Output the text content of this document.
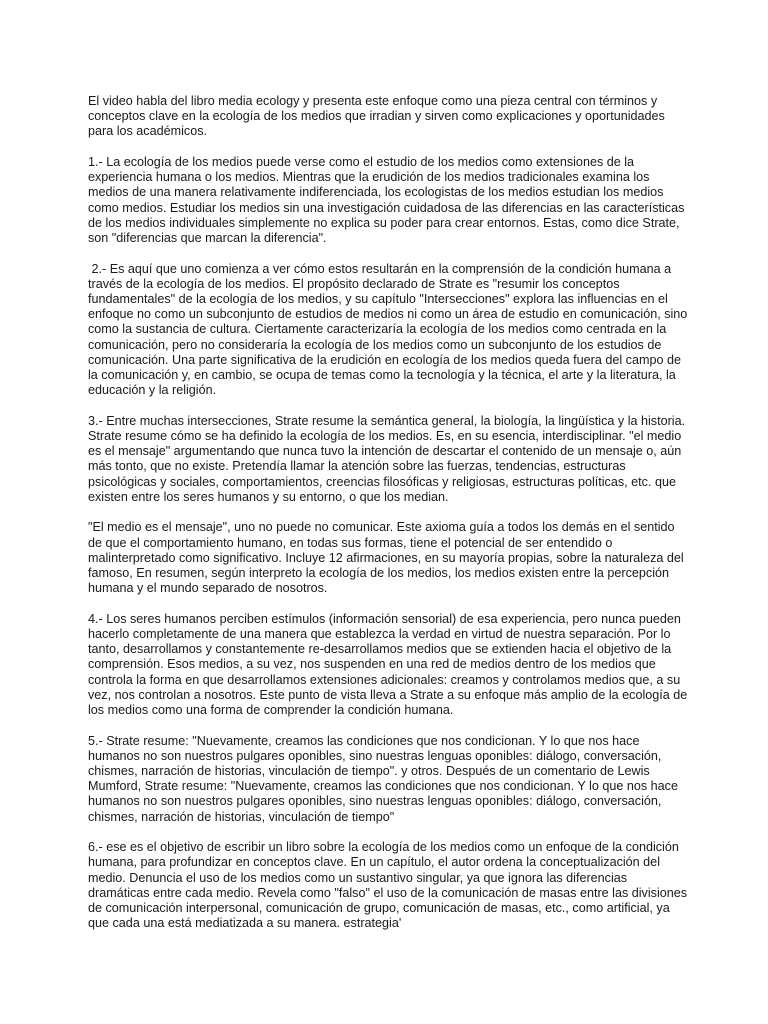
El video habla del libro media ecology y presenta este enfoque como una pieza central con términos y conceptos clave en la ecología de los medios que irradian y sirven como explicaciones y oportunidades para los académicos.

1.- La ecología de los medios puede verse como el estudio de los medios como extensiones de la experiencia humana o los medios. Mientras que la erudición de los medios tradicionales examina los medios de una manera relativamente indiferenciada, los ecologistas de los medios estudian los medios como medios. Estudiar los medios sin una investigación cuidadosa de las diferencias en las características de los medios individuales simplemente no explica su poder para crear entornos. Estas, como dice Strate, son "diferencias que marcan la diferencia".

2.- Es aquí que uno comienza a ver cómo estos resultarán en la comprensión de la condición humana a través de la ecología de los medios. El propósito declarado de Strate es "resumir los conceptos fundamentales" de la ecología de los medios, y su capítulo "Intersecciones" explora las influencias en el enfoque no como un subconjunto de estudios de medios ni como un área de estudio en comunicación, sino como la sustancia de cultura. Ciertamente caracterizaría la ecología de los medios como centrada en la comunicación, pero no consideraría la ecología de los medios como un subconjunto de los estudios de comunicación. Una parte significativa de la erudición en ecología de los medios queda fuera del campo de la comunicación y, en cambio, se ocupa de temas como la tecnología y la técnica, el arte y la literatura, la educación y la religión.

3.- Entre muchas intersecciones, Strate resume la semántica general, la biología, la lingüística y la historia. Strate resume cómo se ha definido la ecología de los medios. Es, en su esencia, interdisciplinar. "el medio es el mensaje" argumentando que nunca tuvo la intención de descartar el contenido de un mensaje o, aún más tonto, que no existe. Pretendía llamar la atención sobre las fuerzas, tendencias, estructuras psicológicas y sociales, comportamientos, creencias filosóficas y religiosas, estructuras políticas, etc. que existen entre los seres humanos y su entorno, o que los median.

"El medio es el mensaje", uno no puede no comunicar. Este axioma guía a todos los demás en el sentido de que el comportamiento humano, en todas sus formas, tiene el potencial de ser entendido o malinterpretado como significativo. Incluye 12 afirmaciones, en su mayoría propias, sobre la naturaleza del famoso, En resumen, según interpreto la ecología de los medios, los medios existen entre la percepción humana y el mundo separado de nosotros.

4.- Los seres humanos perciben estímulos (información sensorial) de esa experiencia, pero nunca pueden hacerlo completamente de una manera que establezca la verdad en virtud de nuestra separación. Por lo tanto, desarrollamos y constantemente re-desarrollamos medios que se extienden hacia el objetivo de la comprensión. Esos medios, a su vez, nos suspenden en una red de medios dentro de los medios que controla la forma en que desarrollamos extensiones adicionales: creamos y controlamos medios que, a su vez, nos controlan a nosotros. Este punto de vista lleva a Strate a su enfoque más amplio de la ecología de los medios como una forma de comprender la condición humana.

5.- Strate resume: "Nuevamente, creamos las condiciones que nos condicionan. Y lo que nos hace humanos no son nuestros pulgares oponibles, sino nuestras lenguas oponibles: diálogo, conversación, chismes, narración de historias, vinculación de tiempo". y otros. Después de un comentario de Lewis Mumford, Strate resume: "Nuevamente, creamos las condiciones que nos condicionan. Y lo que nos hace humanos no son nuestros pulgares oponibles, sino nuestras lenguas oponibles: diálogo, conversación, chismes, narración de historias, vinculación de tiempo"

6.- ese es el objetivo de escribir un libro sobre la ecología de los medios como un enfoque de la condición humana, para profundizar en conceptos clave. En un capítulo, el autor ordena la conceptualización del medio. Denuncia el uso de los medios como un sustantivo singular, ya que ignora las diferencias dramáticas entre cada medio. Revela como "falso" el uso de la comunicación de masas entre las divisiones de comunicación interpersonal, comunicación de grupo, comunicación de masas, etc., como artificial, ya que cada una está mediatizada a su manera. estrategia'
